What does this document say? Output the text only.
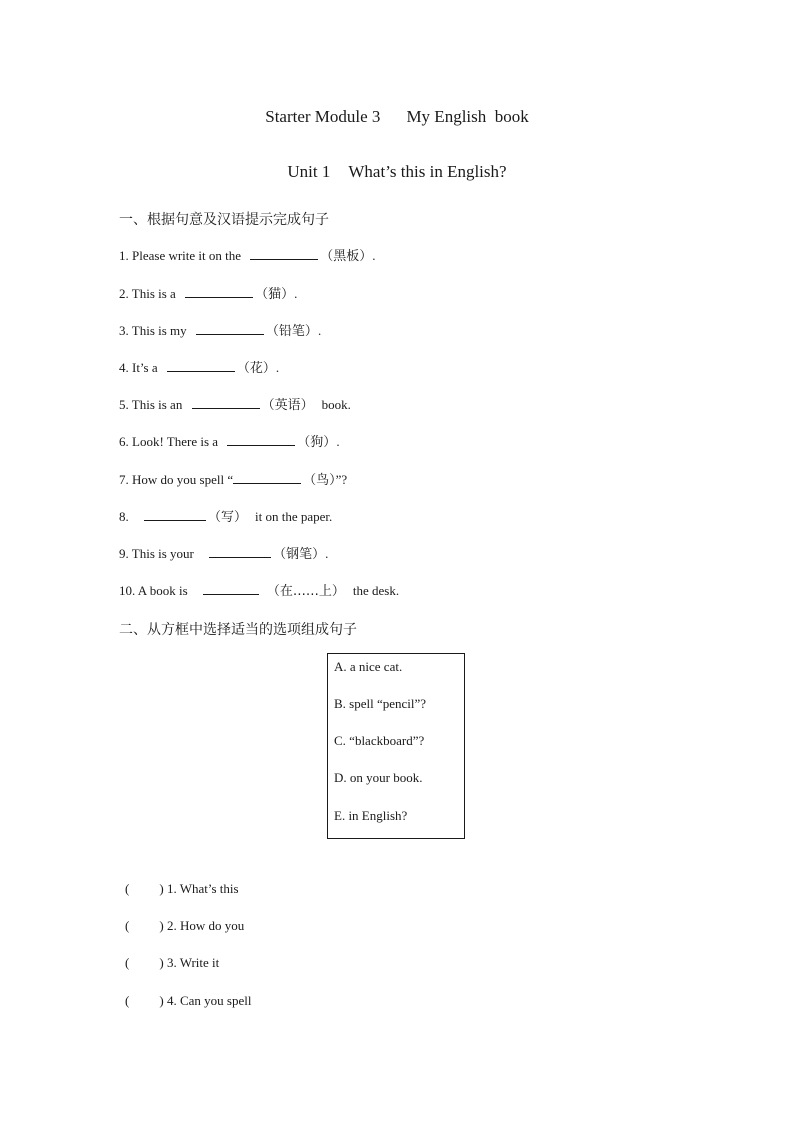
Starter Module 3 My English  book
Unit 1 What’s this in English?
一、根据句意及汉语提示完成句子
1. Please write it on the	（黑板）.
2. This is a	（猫）.
3. This is my	（铅笔）.
4. It’s a	（花）.
5. This is an	（英语） book.
6. Look! There is a	（狗）.
7. How do you spell “	（鸟）”?
8.	（写） it on the paper.
9. This is your	（钢笔）.
10. A book is	（在……上） the desk.
二、从方框中选择适当的选项组成句子
A. a nice cat.
B. spell “pencil”?
C. “blackboard”?
D. on your book.
E. in English?
( ) 1. What’s this
( ) 2. How do you
( ) 3. Write it
( ) 4. Can you spell
